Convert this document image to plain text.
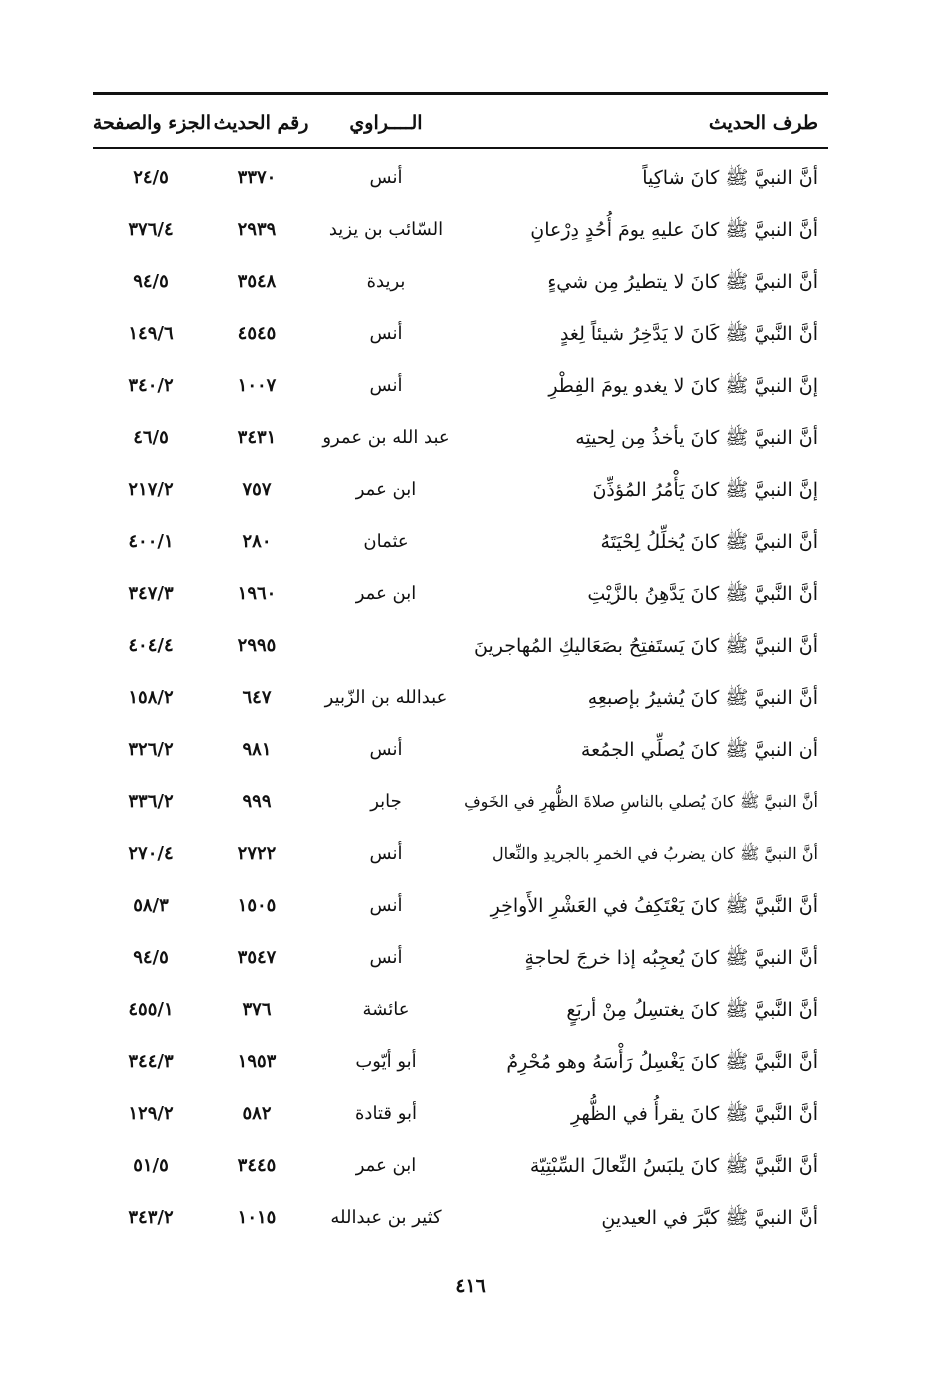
طرف الحديث
الــــراوي
رقم الحديث
الجزء والصفحة
أنَّ النبيَّ ﷺ كانَ شاكِياً
أنس
٣٣٧٠
٢٤/٥
أنَّ النبيَّ ﷺ كانَ عليهِ يومَ أُحُدٍ دِرْعانِ
السّائب بن يزيد
٢٩٣٩
٣٧٦/٤
أنَّ النبيَّ ﷺ كانَ لا يتطيرُ مِن شيءٍ
بريدة
٣٥٤٨
٩٤/٥
أنَّ النَّبيَّ ﷺ كَانَ لا يَدَّخِرُ شيئاً لِغدٍ
أنس
٤٥٤٥
١٤٩/٦
إنَّ النبيَّ ﷺ كانَ لا يغدو يومَ الفِطْرِ
أنس
١٠٠٧
٣٤٠/٢
أنَّ النبيَّ ﷺ كانَ يأخذُ مِن لِحيتِه
عبد الله بن عمرو
٣٤٣١
٤٦/٥
إنَّ النبيَّ ﷺ كانَ يَأْمُرُ المُؤذِّنَ
ابن عمر
٧٥٧
٢١٧/٢
أنَّ النبيَّ ﷺ كانَ يُخلِّلُ لِحْيَتَهُ
عثمان
٢٨٠
٤٠٠/١
أنَّ النَّبيَّ ﷺ كانَ يَدَّهِنُ بالزَّيْتِ
ابن عمر
١٩٦٠
٣٤٧/٣
أنَّ النبيَّ ﷺ كانَ يَستَفتِحُ بصَعَاليكِ المُهاجرينَ
٢٩٩٥
٤٠٤/٤
أنَّ النبيَّ ﷺ كانَ يُشيرُ بإصبعِهِ
عبدالله بن الزّبير
٦٤٧
١٥٨/٢
أن النبيَّ ﷺ كانَ يُصلِّي الجمُعة
أنس
٩٨١
٣٢٦/٢
أنَّ النبيَّ ﷺ كانَ يُصلي بالناسِ صلاةَ الظُّهرِ في الخَوفِ
جابر
٩٩٩
٣٣٦/٢
أنَّ النبيَّ ﷺ كان يضربُ في الخمرِ بالجريدِ والنِّعال
أنس
٢٧٢٢
٢٧٠/٤
أنَّ النَّبيَّ ﷺ كانَ يَعْتَكِفُ في العَشْرِ الأَواخِرِ
أنس
١٥٠٥
٥٨/٣
أنَّ النبيَّ ﷺ كانَ يُعجِبُه إذا خرجَ لحاجةٍ
أنس
٣٥٤٧
٩٤/٥
أنَّ النَّبيَّ ﷺ كانَ يغتسِلُ مِنْ أربَعٍ
عائشة
٣٧٦
٤٥٥/١
أنَّ النَّبيَّ ﷺ كانَ يَغْسِلُ رَأْسَهُ وهو مُحْرِمٌ
أبو أيّوب
١٩٥٣
٣٤٤/٣
أنَّ النَّبيَّ ﷺ كانَ يقرأُ في الظُّهرِ
أبو قتادة
٥٨٢
١٢٩/٢
أنَّ النَّبيَّ ﷺ كانَ يلبَسُ النِّعالَ السِّبْتِيّة
ابن عمر
٣٤٤٥
٥١/٥
أنَّ النبيَّ ﷺ كبَّرَ في العيدينِ
كثير بن عبدالله
١٠١٥
٣٤٣/٢
٤١٦
